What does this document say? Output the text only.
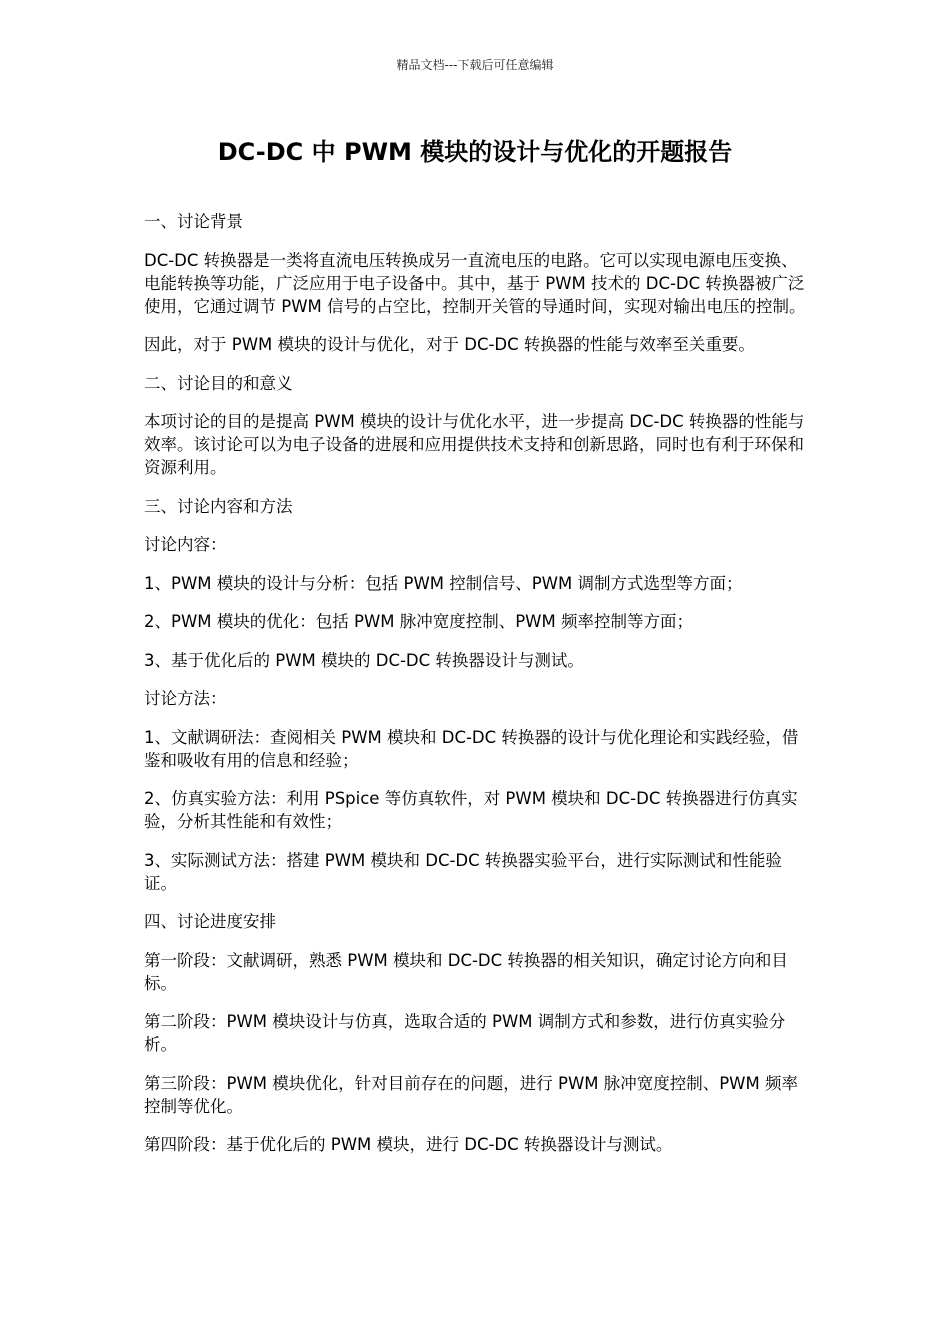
精品文档---下载后可任意编辑
DC-DC 中 PWM 模块的设计与优化的开题报告

一、讨论背景

DC-DC 转换器是一类将直流电压转换成另一直流电压的电路。它可以实现电源电压变换、电能转换等功能，广泛应用于电子设备中。其中，基于 PWM 技术的 DC-DC 转换器被广泛使用，它通过调节 PWM 信号的占空比，控制开关管的导通时间，实现对输出电压的控制。

因此，对于 PWM 模块的设计与优化，对于 DC-DC 转换器的性能与效率至关重要。

二、讨论目的和意义

本项讨论的目的是提高 PWM 模块的设计与优化水平，进一步提高 DC-DC 转换器的性能与效率。该讨论可以为电子设备的进展和应用提供技术支持和创新思路，同时也有利于环保和资源利用。

三、讨论内容和方法

讨论内容：

1、PWM 模块的设计与分析：包括 PWM 控制信号、PWM 调制方式选型等方面；

2、PWM 模块的优化：包括 PWM 脉冲宽度控制、PWM 频率控制等方面；

3、基于优化后的 PWM 模块的 DC-DC 转换器设计与测试。

讨论方法：

1、文献调研法：查阅相关 PWM 模块和 DC-DC 转换器的设计与优化理论和实践经验，借鉴和吸收有用的信息和经验；

2、仿真实验方法：利用 PSpice 等仿真软件，对 PWM 模块和 DC-DC 转换器进行仿真实验，分析其性能和有效性；

3、实际测试方法：搭建 PWM 模块和 DC-DC 转换器实验平台，进行实际测试和性能验证。

四、讨论进度安排

第一阶段：文献调研，熟悉 PWM 模块和 DC-DC 转换器的相关知识，确定讨论方向和目标。

第二阶段：PWM 模块设计与仿真，选取合适的 PWM 调制方式和参数，进行仿真实验分析。

第三阶段：PWM 模块优化，针对目前存在的问题，进行 PWM 脉冲宽度控制、PWM 频率控制等优化。

第四阶段：基于优化后的 PWM 模块，进行 DC-DC 转换器设计与测试。
